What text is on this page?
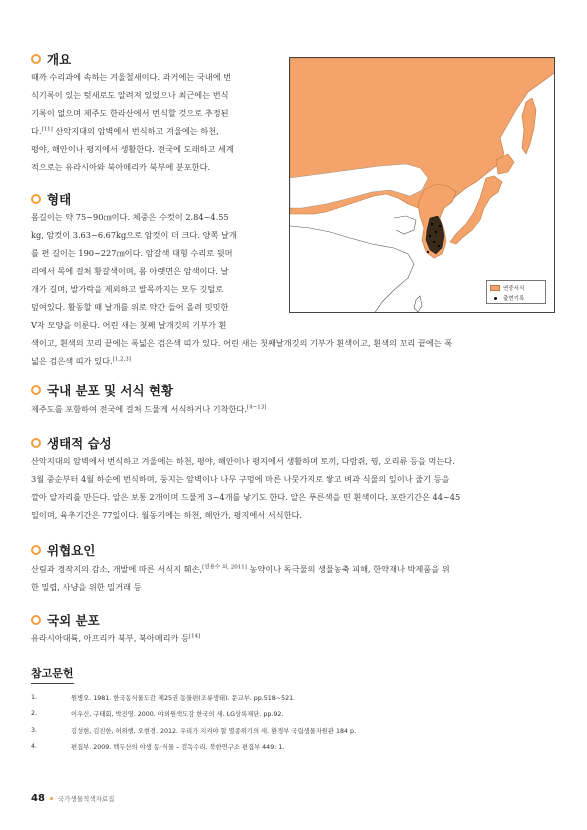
개요
때까 수리과에 속하는 겨울철새이다. 과거에는 국내에 번
식기록이 있는 텃새로도 알려져 있었으나 최근에는 번식
기록이 없으며 제주도 한라산에서 번식할 것으로 추정된
다.[11] 산악지대의 암벽에서 번식하고 겨울에는 하천,
평야, 해안이나 평지에서 생활한다. 전국에 도래하고 세계
적으로는 유라시아와 북아메리카 북부에 분포한다.
형태
몸길이는 약 75~90㎝이다. 체중은 수컷이 2.84~4.55
kg, 암컷이 3.63~6.67kg으로 암컷이 더 크다. 양쪽 날개
를 편 길이는 190~227㎝이다. 암갈색 대형 수리로 뒷머
리에서 목에 걸쳐 황갈색이며, 몸 아랫면은 암색이다. 날
개가 길며, 발가락을 제외하고 발목까지는 모두 깃털로
덮여있다. 활동할 때 날개를 위로 약간 들어 올려 밋밋한
V자 모양을 이룬다. 어린 새는 첫째 날개깃의 기부가 흰
색이고, 흰색의 꼬리 끝에는 폭넓은 검은색 띠가 있다. 어린 새는 첫째날개깃의 기부가 흰색이고, 흰색의 꼬리 끝에는 폭
넓은 검은색 띠가 있다.[1,2,3]
연중서식
출현기록
국내 분포 및 서식 현황
제주도를 포함하여 전국에 걸쳐 드물게 서식하거나 기착한다.[4~13]
생태적 습성
산악지대의 암벽에서 번식하고 겨울에는 하천, 평야, 해안이나 평지에서 생활하며 토끼, 다람쥐, 꿩, 오리류 등을 먹는다.
3월 중순부터 4월 하순에 번식하며, 둥지는 암벽이나 나무 구멍에 마른 나뭇가지로 쌓고 벼과 식물의 잎이나 줄기 등을
깔아 알자리를 만든다. 알은 보통 2개이며 드물게 3~4개를 낳기도 한다. 알은 푸른색을 띤 흰색이다. 포란기간은 44~45
일이며, 육추기간은 77일이다. 월동기에는 하천, 해안가, 평지에서 서식한다.
위협요인
산림과 경작지의 감소, 개발에 따른 서식지 훼손,[연용수 외, 2011] 농약이나 독극물의 생물농축 피해, 한약재나 박제품을 위
한 밀렵, 사냥을 위한 밀거래 등
국외 분포
유라시아대륙, 아프리카 북부, 북아메리카 등[14]
참고문헌
1.	원병오. 1981. 한국동식물도감 제25권 동물편(조류생태). 문교부. pp.518~521.
2.	이우신, 구태회, 박진영. 2000. 야외원색도감 한국의 새. LG상록재단. pp.92.
3.	김성현, 김진한, 허위행, 오현경. 2012. 우리가 지켜야 할 멸종위기의 새. 환경부 국립생물자원관 184 p.
4.	편집부. 2009. 백두산의 야생 동·식물 – 검독수리. 북한연구소 편집부 449: 1.
48 국가생물적색자료집
